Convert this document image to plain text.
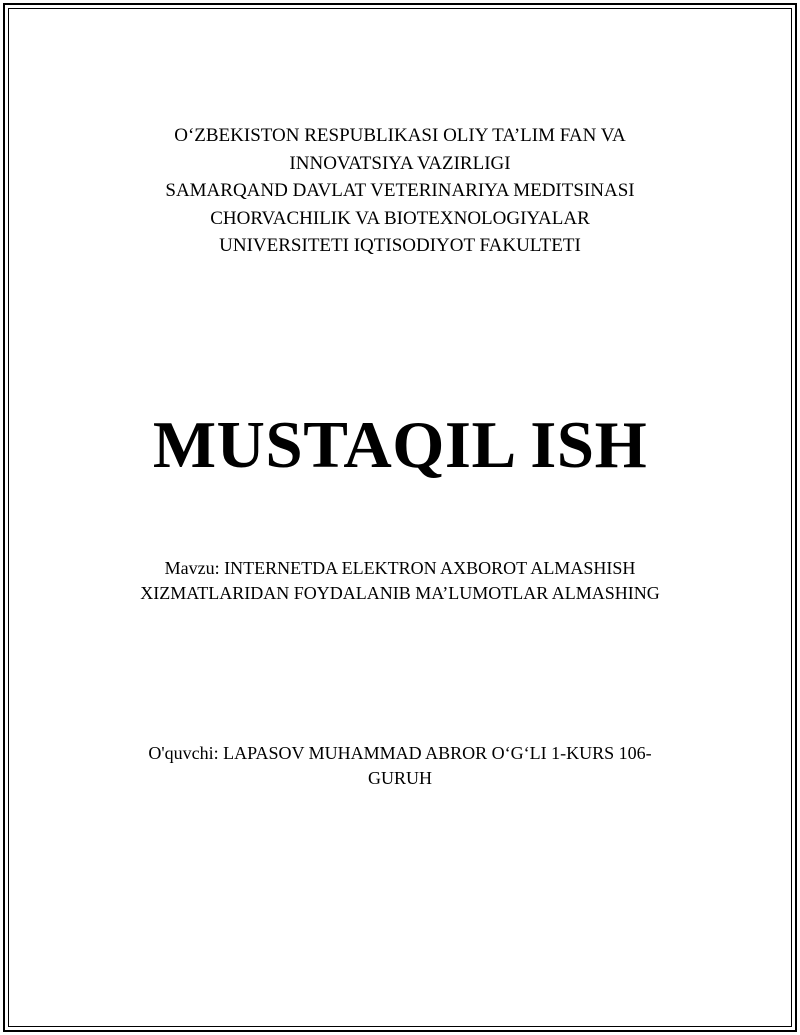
O‘ZBEKISTON RESPUBLIKASI OLIY TA’LIM FAN VA
INNOVATSIYA VAZIRLIGI
SAMARQAND DAVLAT VETERINARIYA MEDITSINASI
CHORVACHILIK VA BIOTEXNOLOGIYALAR
UNIVERSITETI IQTISODIYOT FAKULTETI
MUSTAQIL ISH
Mavzu: INTERNETDA ELEKTRON AXBOROT ALMASHISH
XIZMATLARIDAN FOYDALANIB MA’LUMOTLAR ALMASHING
O'quvchi: LAPASOV MUHAMMAD ABROR O‘G‘LI 1-KURS 106-
GURUH
